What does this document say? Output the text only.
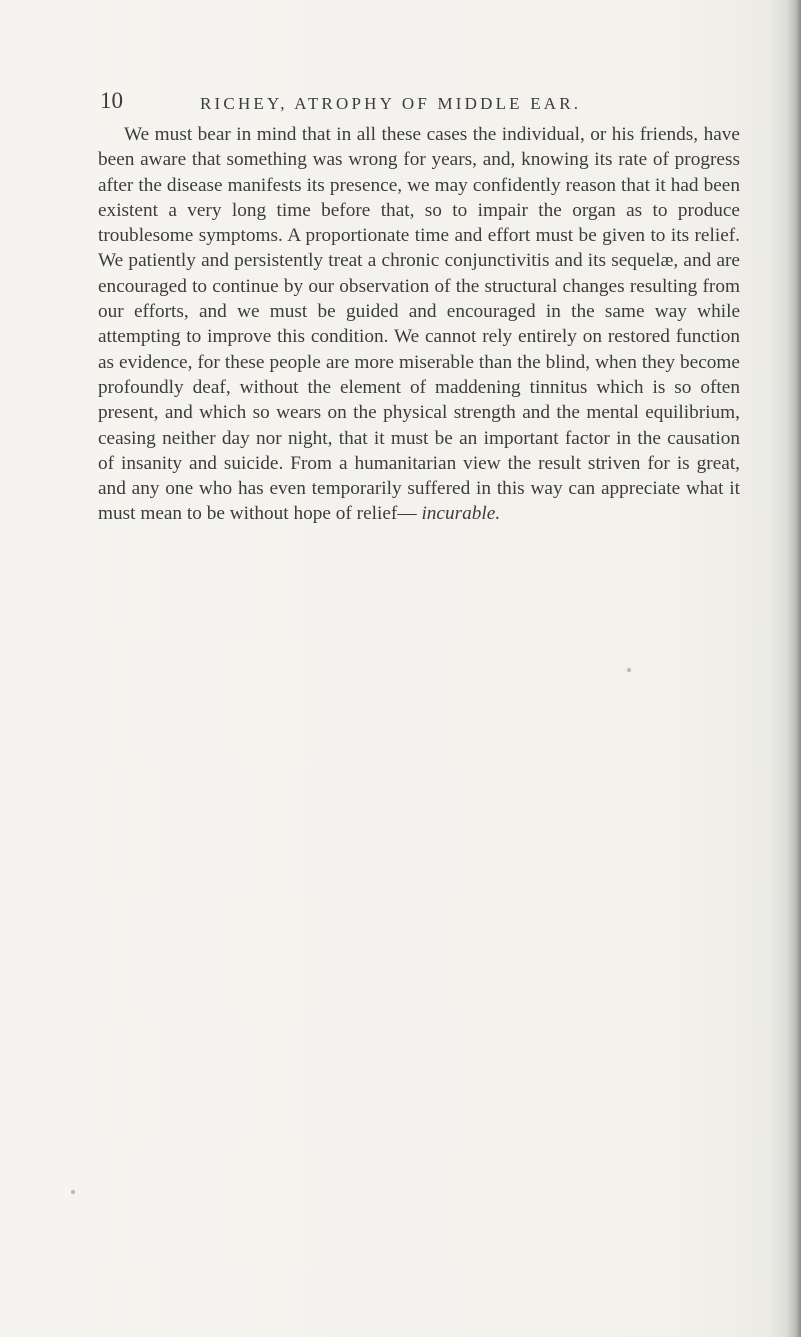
10	RICHEY, ATROPHY OF MIDDLE EAR.

We must bear in mind that in all these cases the individual, or his friends, have been aware that something was wrong for years, and, knowing its rate of progress after the disease manifests its presence, we may confidently reason that it had been existent a very long time before that, so to impair the organ as to produce troublesome symptoms. A proportionate time and effort must be given to its relief. We patiently and persistently treat a chronic conjunctivitis and its sequelæ, and are encouraged to continue by our observation of the structural changes resulting from our efforts, and we must be guided and encouraged in the same way while attempting to improve this condition. We cannot rely entirely on restored function as evidence, for these people are more miserable than the blind, when they become profoundly deaf, without the element of maddening tinnitus which is so often present, and which so wears on the physical strength and the mental equilibrium, ceasing neither day nor night, that it must be an important factor in the causation of insanity and suicide. From a humanitarian view the result striven for is great, and any one who has even temporarily suffered in this way can appreciate what it must mean to be without hope of relief— incurable.
